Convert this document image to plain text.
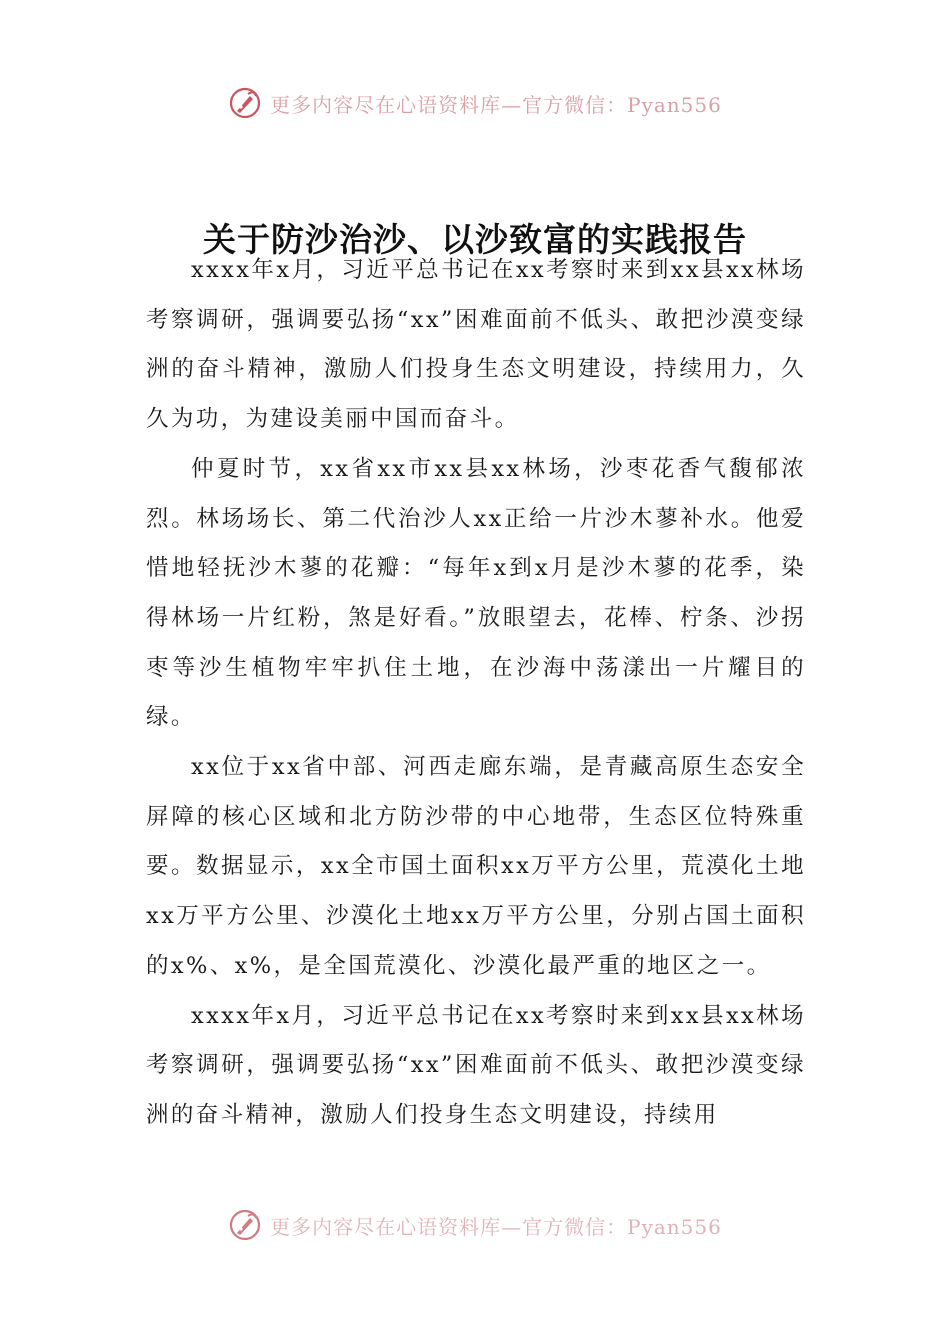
更多内容尽在心语资料库—官方微信：Pyan556
关于防沙治沙、以沙致富的实践报告

xxxx年x月，习近平总书记在xx考察时来到xx县xx林场考察调研，强调要弘扬“xx”困难面前不低头、敢把沙漠变绿洲的奋斗精神，激励人们投身生态文明建设，持续用力，久久为功，为建设美丽中国而奋斗。

仲夏时节，xx省xx市xx县xx林场，沙枣花香气馥郁浓烈。林场场长、第二代治沙人xx正给一片沙木蓼补水。他爱惜地轻抚沙木蓼的花瓣：“每年x到x月是沙木蓼的花季，染得林场一片红粉，煞是好看。”放眼望去，花棒、柠条、沙拐枣等沙生植物牢牢扒住土地，在沙海中荡漾出一片耀目的绿。

xx位于xx省中部、河西走廊东端，是青藏高原生态安全屏障的核心区域和北方防沙带的中心地带，生态区位特殊重要。数据显示，xx全市国土面积xx万平方公里，荒漠化土地xx万平方公里、沙漠化土地xx万平方公里，分别占国土面积的x%、x%，是全国荒漠化、沙漠化最严重的地区之一。

xxxx年x月，习近平总书记在xx考察时来到xx县xx林场考察调研，强调要弘扬“xx”困难面前不低头、敢把沙漠变绿洲的奋斗精神，激励人们投身生态文明建设，持续用

更多内容尽在心语资料库—官方微信：Pyan556
